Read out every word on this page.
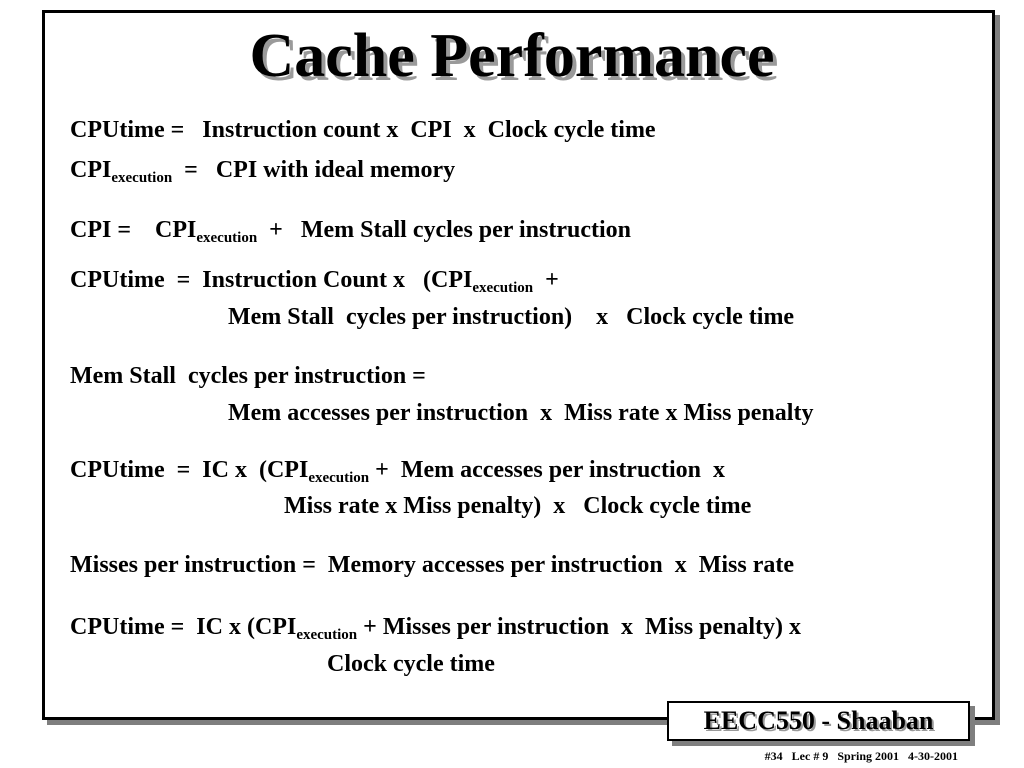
Cache Performance
CPUtime =   Instruction count x  CPI  x  Clock cycle time
$CPI_{execution}$  =   CPI with ideal memory
CPI =    $CPI_{execution}$  +   Mem Stall cycles per instruction
CPUtime  =  Instruction Count x   ($CPI_{execution}$  +
Mem Stall  cycles per instruction)    x   Clock cycle time
Mem Stall  cycles per instruction =
Mem accesses per instruction  x  Miss rate x Miss penalty
CPUtime  =  IC x  ($CPI_{execution}$ +  Mem accesses per instruction  x
Miss rate x Miss penalty)  x   Clock cycle time
Misses per instruction =  Memory accesses per instruction  x  Miss rate
CPUtime =  IC x ($CPI_{execution}$ + Misses per instruction  x  Miss penalty) x
Clock cycle time
EECC550 - Shaaban
#34   Lec # 9   Spring 2001   4-30-2001
